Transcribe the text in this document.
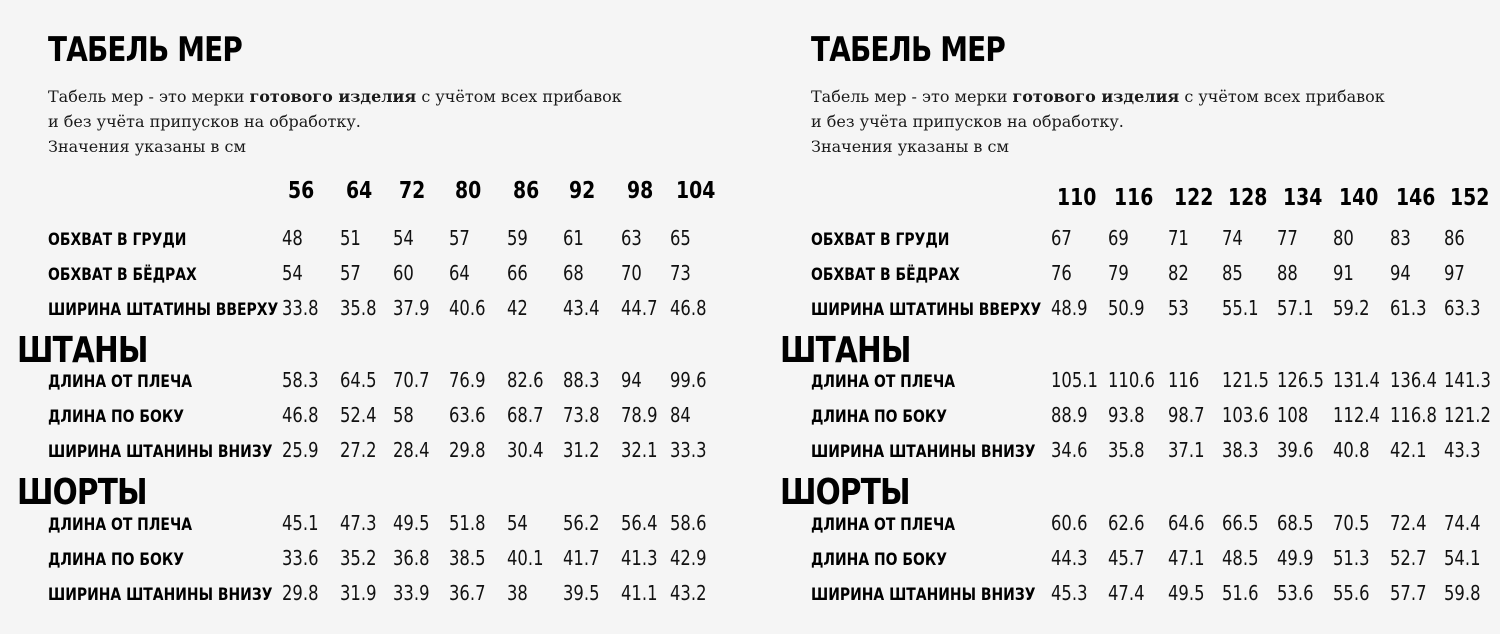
ТАБЕЛЬ МЕР
Табель мер - это мерки готового изделия с учётом всех прибавок
и без учёта припусков на обработку.
Значения указаны в см
56 64 72 80 86 92 98 104
ОБХВАТ В ГРУДИ	48 51 54 57 59 61 63 65
ОБХВАТ В БЁДРАХ	54 57 60 64 66 68 70 73
ШИРИНА ШТАТИНЫ ВВЕРХУ 33.8 35.8 37.9 40.6 42 43.4 44.7 46.8
ШТАНЫ
ДЛИНА ОТ ПЛЕЧА	58.3 64.5 70.7 76.9 82.6 88.3 94 99.6
ДЛИНА ПО БОКУ	46.8 52.4 58 63.6 68.7 73.8 78.9 84
ШИРИНА ШТАНИНЫ ВНИЗУ 25.9 27.2 28.4 29.8 30.4 31.2 32.1 33.3
ШОРТЫ
ДЛИНА ОТ ПЛЕЧА	45.1 47.3 49.5 51.8 54 56.2 56.4 58.6
ДЛИНА ПО БОКУ	33.6 35.2 36.8 38.5 40.1 41.7 41.3 42.9
ШИРИНА ШТАНИНЫ ВНИЗУ 29.8 31.9 33.9 36.7 38 39.5 41.1 43.2
ТАБЕЛЬ МЕР
Табель мер - это мерки готового изделия с учётом всех прибавок
и без учёта припусков на обработку.
Значения указаны в см
110 116 122 128 134 140 146 152
ОБХВАТ В ГРУДИ	67 69 71 74 77 80 83 86
ОБХВАТ В БЁДРАХ	76 79 82 85 88 91 94 97
ШИРИНА ШТАТИНЫ ВВЕРХУ 48.9 50.9 53 55.1 57.1 59.2 61.3 63.3
ШТАНЫ
ДЛИНА ОТ ПЛЕЧА	105.1 110.6 116 121.5 126.5 131.4 136.4 141.3
ДЛИНА ПО БОКУ	88.9 93.8 98.7 103.6 108 112.4 116.8 121.2
ШИРИНА ШТАНИНЫ ВНИЗУ 34.6 35.8 37.1 38.3 39.6 40.8 42.1 43.3
ШОРТЫ
ДЛИНА ОТ ПЛЕЧА	60.6 62.6 64.6 66.5 68.5 70.5 72.4 74.4
ДЛИНА ПО БОКУ	44.3 45.7 47.1 48.5 49.9 51.3 52.7 54.1
ШИРИНА ШТАНИНЫ ВНИЗУ 45.3 47.4 49.5 51.6 53.6 55.6 57.7 59.8
